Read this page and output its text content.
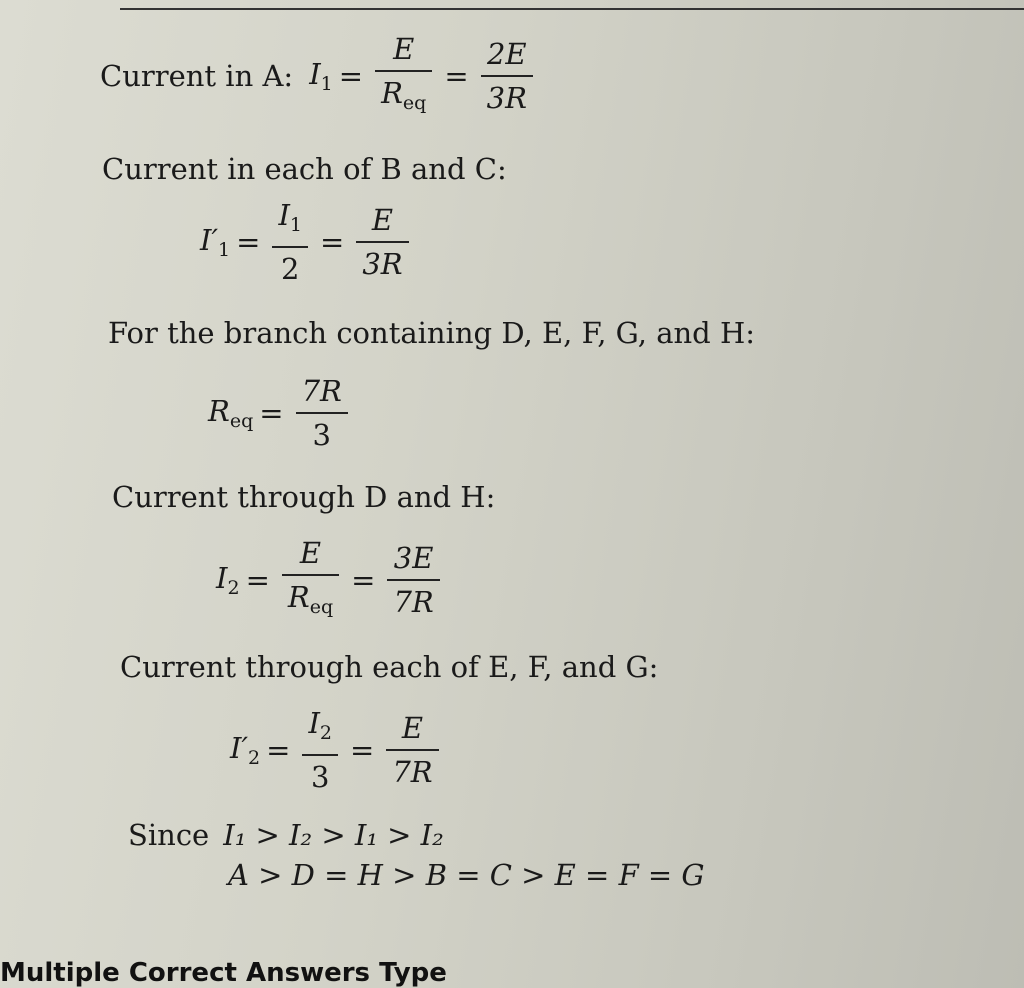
Current in A: $I_1 = \frac{E}{R_{eq}} = \frac{2E}{3R}$
Current in each of B and C:
$I'_1 = \frac{I_1}{2} = \frac{E}{3R}$
For the branch containing D, E, F, G, and H:
$R_{eq} = \frac{7R}{3}$
Current through D and H:
$I_2 = \frac{E}{R_{eq}} = \frac{3E}{7R}$
Current through each of E, F, and G:
$I'_2 = \frac{I_2}{3} = \frac{E}{7R}$
Since I₁ > I₂ > I₁ > I₂
A > D = H > B = C > E = F = G
Multiple Correct Answers Type
